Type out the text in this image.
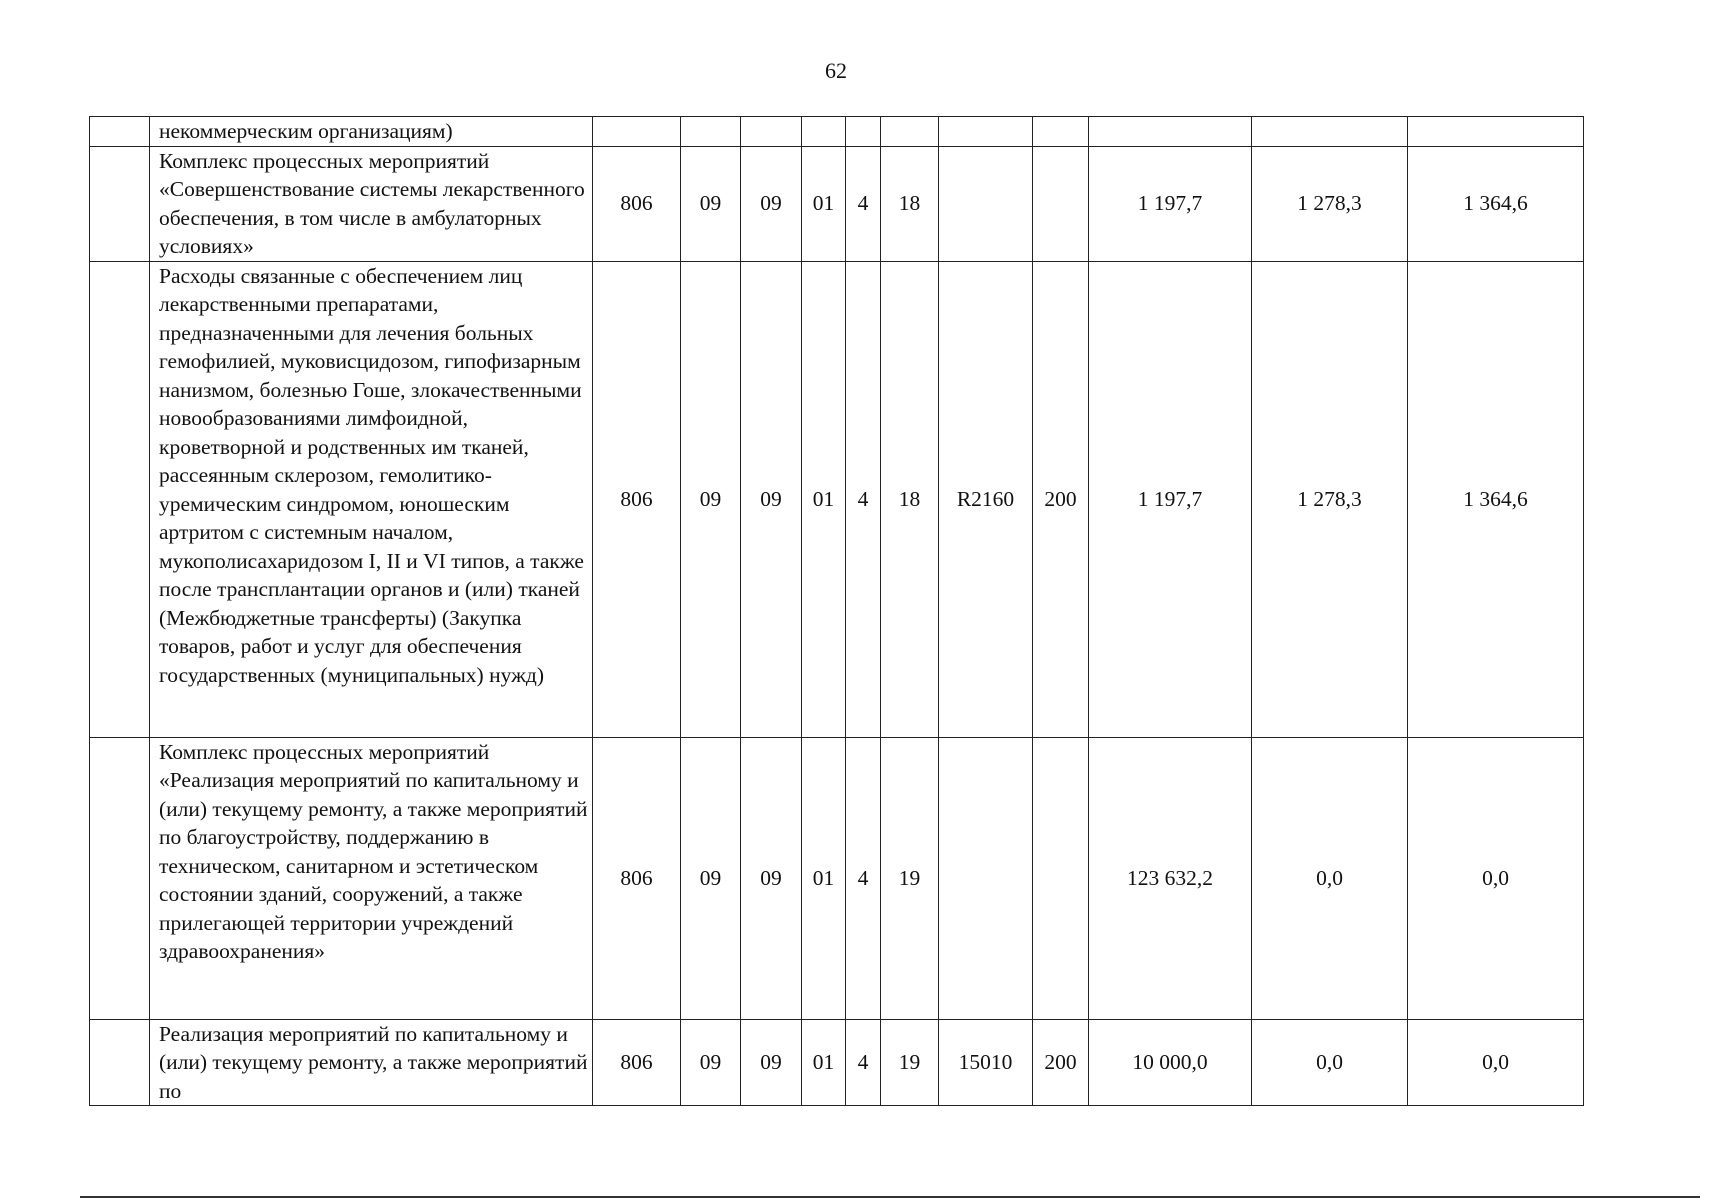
62
	некоммерческим организациям)											
	Комплекс процессных мероприятий «Совершенствование системы лекарственного обеспечения, в том числе в амбулаторных условиях»	806	09	09	01	4	18			1 197,7	1 278,3	1 364,6
	Расходы связанные с обеспечением лиц лекарственными препаратами, предназначенными для лечения больных гемофилией, муковисцидозом, гипофизарным нанизмом, болезнью Гоше, злокачественными новообразованиями лимфоидной, кроветворной и родственных им тканей, рассеянным склерозом, гемолитико-уремическим синдромом, юношеским артритом с системным началом, мукополисахаридозом I, II и VI типов, а также после трансплантации органов и (или) тканей (Межбюджетные трансферты) (Закупка товаров, работ и услуг для обеспечения государственных (муниципальных) нужд)	806	09	09	01	4	18	R2160	200	1 197,7	1 278,3	1 364,6
	Комплекс процессных мероприятий «Реализация мероприятий по капитальному и (или) текущему ремонту, а также мероприятий по благоустройству, поддержанию в техническом, санитарном и эстетическом состоянии зданий, сооружений, а также прилегающей территории учреждений здравоохранения»	806	09	09	01	4	19			123 632,2	0,0	0,0
	Реализация мероприятий по капитальному и (или) текущему ремонту, а также мероприятий по	806	09	09	01	4	19	15010	200	10 000,0	0,0	0,0
